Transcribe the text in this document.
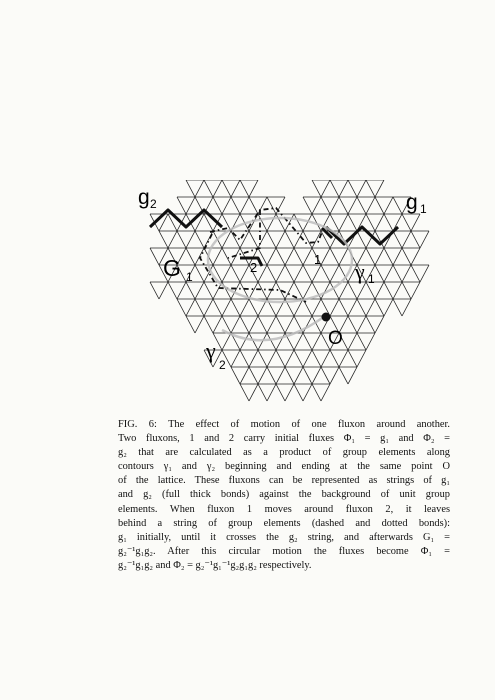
g 2	g 1
G 1	γ 1
γ
2
1
2
O
FIG. 6: The effect of motion of one fluxon around another.
Two fluxons, 1 and 2 carry initial fluxes Φ₁ = g₁ and Φ₂ =
g₂ that are calculated as a product of group elements along
contours γ₁ and γ₂ beginning and ending at the same point O
of the lattice. These fluxons can be represented as strings of g₁
and g₂ (full thick bonds) against the background of unit group
elements. When fluxon 1 moves around fluxon 2, it leaves
behind a string of group elements (dashed and dotted bonds):
g₁ initially, until it crosses the g₂ string, and afterwards G₁ =
g₂⁻¹g₁g₂. After this circular motion the fluxes become Φ₁ =
g₂⁻¹g₁g₂ and Φ₂ = g₂⁻¹g₁⁻¹g₂g₁g₂ respectively.
